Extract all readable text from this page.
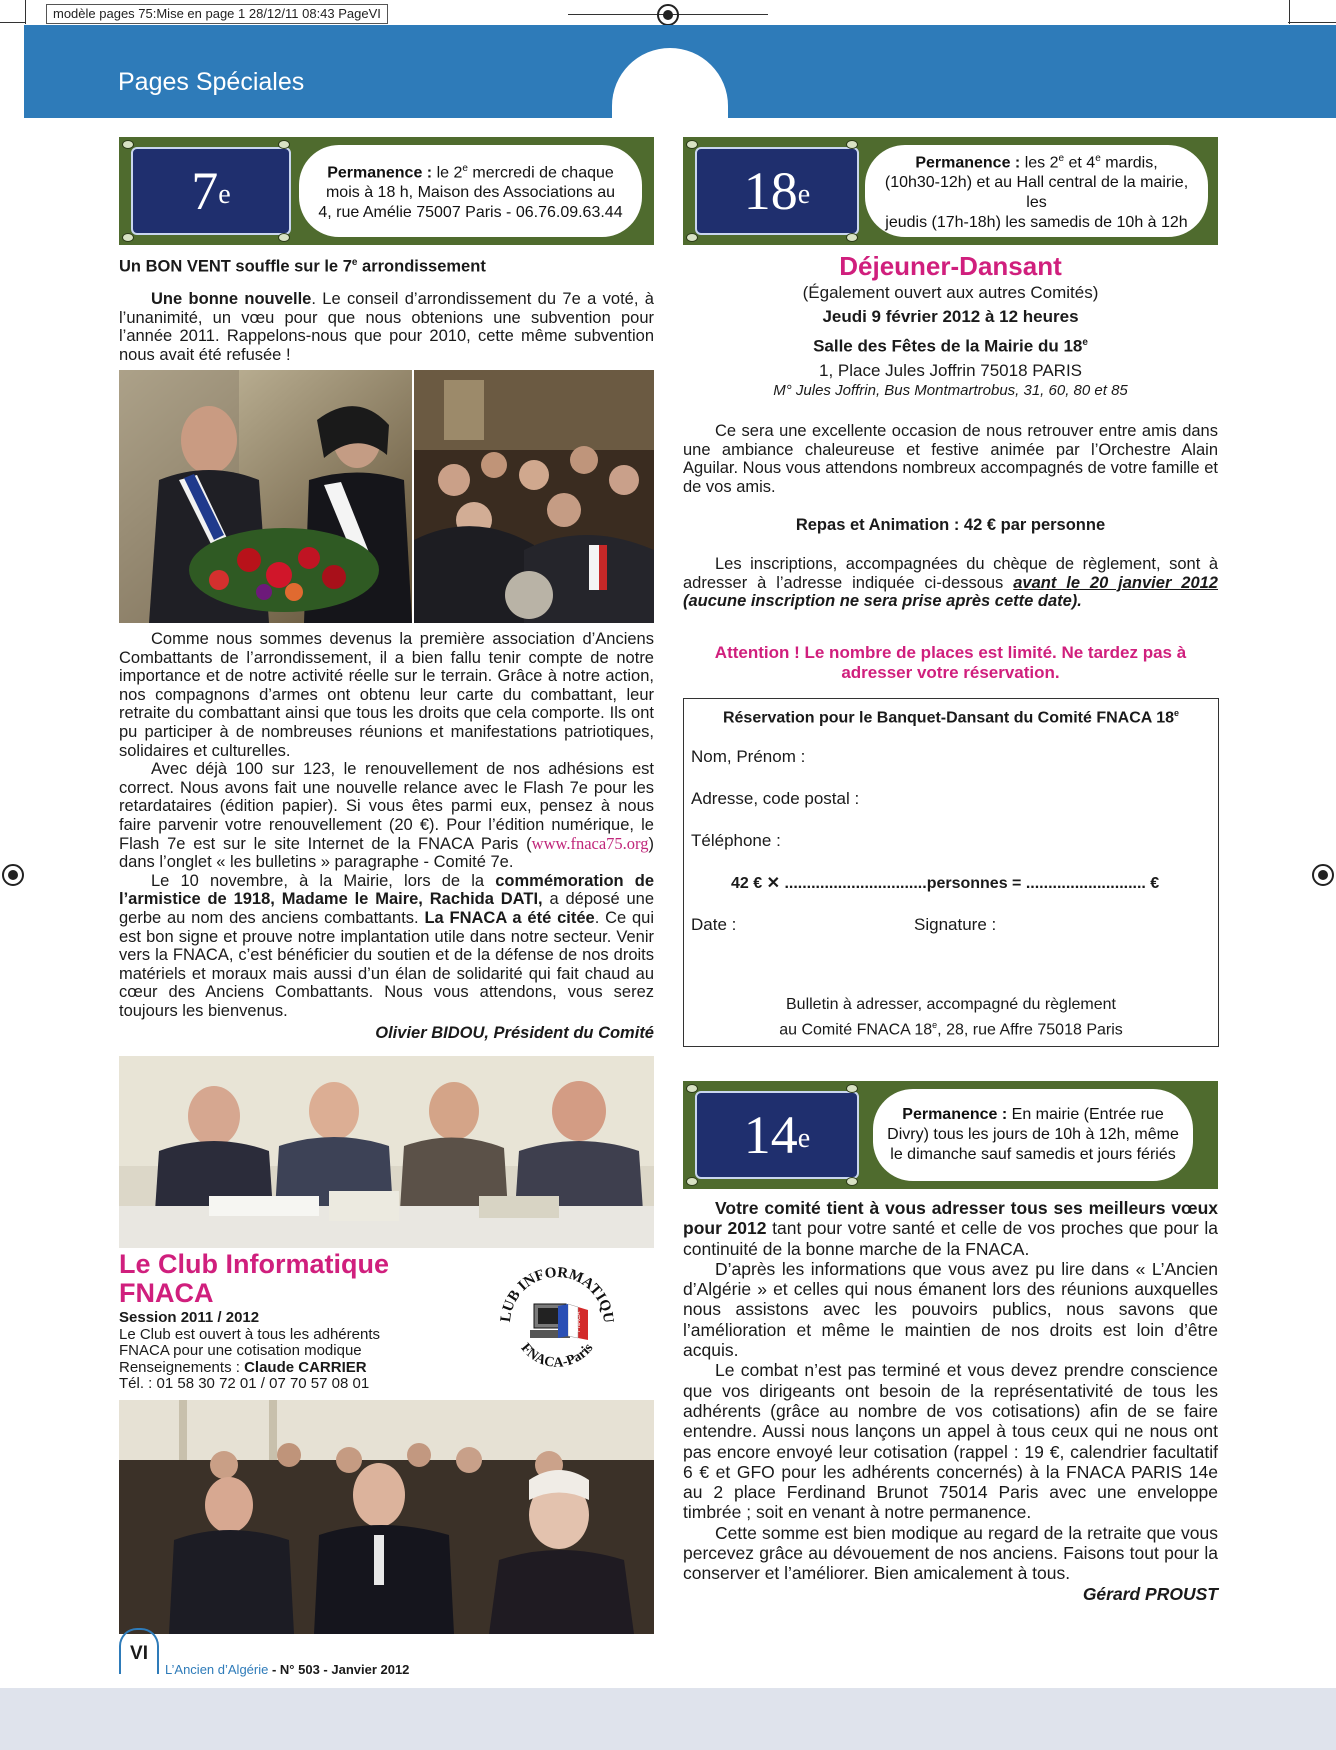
modèle pages 75:Mise en page 1 28/12/11 08:43 PageVI
Pages Spéciales
7e
Permanence : le 2e mercredi de chaque
mois à 18 h, Maison des Associations au
4, rue Amélie 75007 Paris - 06.76.09.63.44

Un BON VENT souffle sur le 7e arrondissement

Une bonne nouvelle. Le conseil d’arrondissement du 7e a voté, à l’unanimité, un vœu pour que nous obtenions une subvention pour l’année 2011. Rappelons-nous que pour 2010, cette même subvention nous avait été refusée !

Comme nous sommes devenus la première association d’Anciens Combattants de l’arrondissement, il a bien fallu tenir compte de notre importance et de notre activité réelle sur le terrain. Grâce à notre action, nos compagnons d’armes ont obtenu leur carte du combattant, leur retraite du combattant ainsi que tous les droits que cela comporte. Ils ont pu participer à de nombreuses réunions et manifestations patriotiques, solidaires et culturelles.

Avec déjà 100 sur 123, le renouvellement de nos adhésions est correct. Nous avons fait une nouvelle relance avec le Flash 7e pour les retardataires (édition papier). Si vous êtes parmi eux, pensez à nous faire parvenir votre renouvellement (20 €). Pour l’édition numérique, le Flash 7e est sur le site Internet de la FNACA Paris (www.fnaca75.org) dans l’onglet « les bulletins » paragraphe - Comité 7e.

Le 10 novembre, à la Mairie, lors de la commémoration de l’armistice de 1918, Madame le Maire, Rachida DATI, a déposé une gerbe au nom des anciens combattants. La FNACA a été citée. Ce qui est bon signe et prouve notre implantation utile dans notre secteur. Venir vers la FNACA, c’est bénéficier du soutien et de la défense de nos droits matériels et moraux mais aussi d’un élan de solidarité qui fait chaud au cœur des Anciens Combattants. Nous vous attendons, vous serez toujours les bienvenus.

Olivier BIDOU, Président du Comité

Le Club Informatique
FNACA
Session 2011 / 2012
Le Club est ouvert à tous les adhérents
FNACA pour une cotisation modique
Renseignements : Claude CARRIER
Tél. : 01 58 30 72 01 / 07 70 57 08 01
LUB INFORMATIQU
FNACA-Paris
FNACA
18e
Permanence : les 2e et 4e mardis,
(10h30-12h) et au Hall central de la mairie, les
jeudis (17h-18h) les samedis de 10h à 12h
Déjeuner-Dansant
(Également ouvert aux autres Comités)
Jeudi 9 février 2012 à 12 heures
Salle des Fêtes de la Mairie du 18e
1, Place Jules Joffrin 75018 PARIS
M° Jules Joffrin, Bus Montmartrobus, 31, 60, 80 et 85

Ce sera une excellente occasion de nous retrouver entre amis dans une ambiance chaleureuse et festive animée par l’Orchestre Alain Aguilar. Nous vous attendons nombreux accompagnés de votre famille et de vos amis.

Repas et Animation : 42 € par personne

Les inscriptions, accompagnées du chèque de règlement, sont à adresser à l’adresse indiquée ci-dessous avant le 20 janvier 2012 (aucune inscription ne sera prise après cette date).

Attention ! Le nombre de places est limité. Ne tardez pas à
adresser votre réservation.
Réservation pour le Banquet-Dansant du Comité FNACA 18e
Nom, Prénom :
Adresse, code postal :
Téléphone :
42 € ✕ ................................personnes = ........................... €
Date :	Signature :
Bulletin à adresser, accompagné du règlement
au Comité FNACA 18e, 28, rue Affre 75018 Paris
14e
Permanence : En mairie (Entrée rue
Divry) tous les jours de 10h à 12h, même
le dimanche sauf samedis et jours fériés

Votre comité tient à vous adresser tous ses meilleurs vœux pour 2012 tant pour votre santé et celle de vos proches que pour la continuité de la bonne marche de la FNACA.

D’après les informations que vous avez pu lire dans « L’Ancien d’Algérie » et celles qui nous émanent lors des réunions auxquelles nous assistons avec les pouvoirs publics, nous savons que l’amélioration et même le maintien de nos droits est loin d’être acquis.

Le combat n’est pas terminé et vous devez prendre conscience que vos dirigeants ont besoin de la représentativité de tous les adhérents (grâce au nombre de vos cotisations) afin de se faire entendre. Aussi nous lançons un appel à tous ceux qui ne nous ont pas encore envoyé leur cotisation (rappel : 19 €, calendrier facultatif 6 € et GFO pour les adhérents concernés) à la FNACA PARIS 14e au 2 place Ferdinand Brunot 75014 Paris avec une enveloppe timbrée ; soit en venant à notre permanence.

Cette somme est bien modique au regard de la retraite que vous percevez grâce au dévouement de nos anciens. Faisons tout pour la conserver et l’améliorer. Bien amicalement à tous.

Gérard PROUST

VI
L’Ancien d’Algérie - N° 503 - Janvier 2012
